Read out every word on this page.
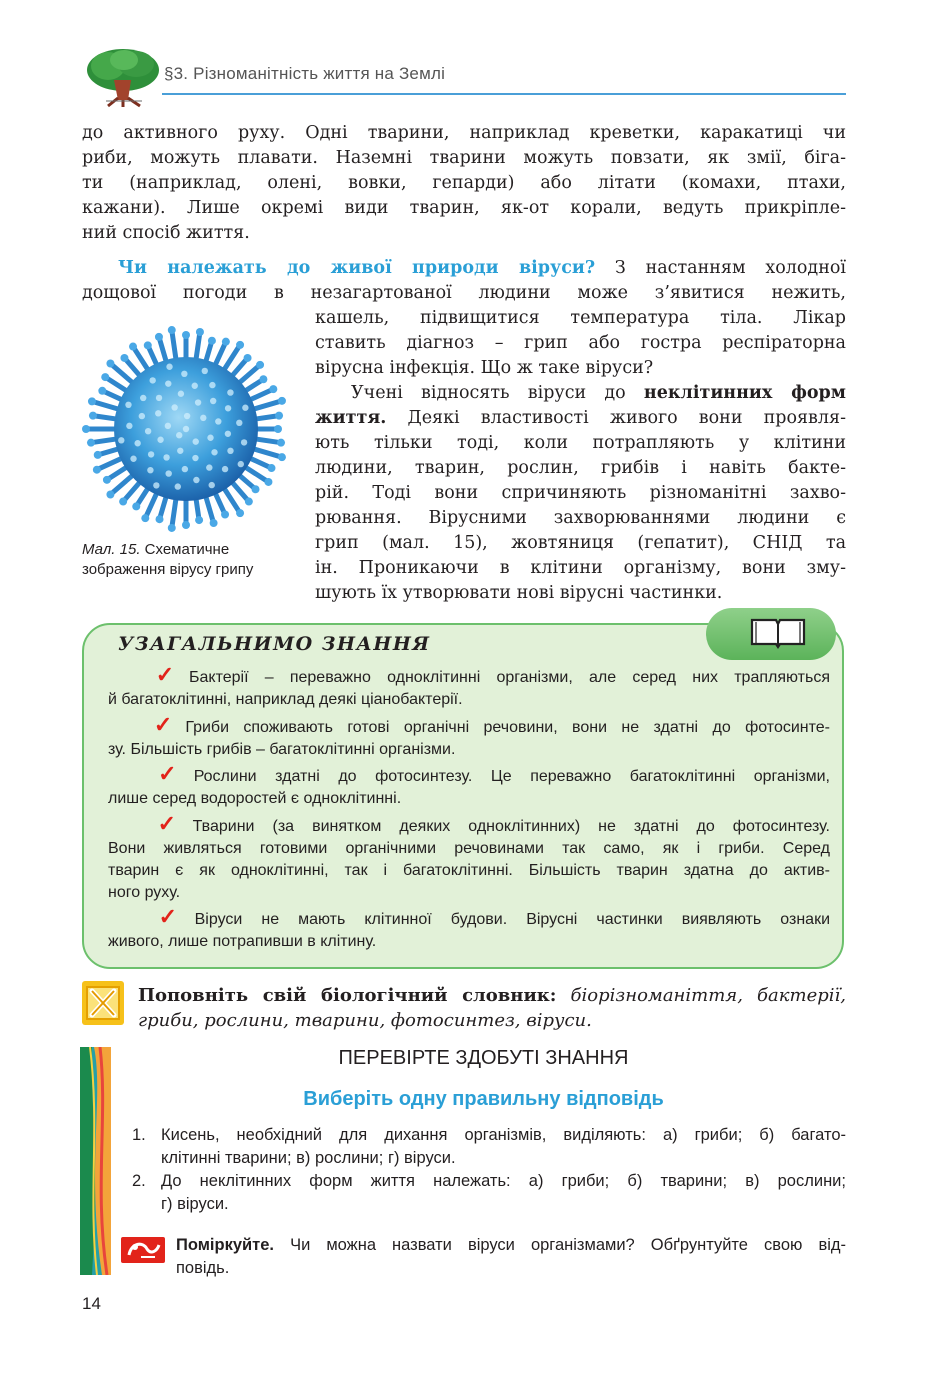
§3. Різноманітність життя на Землі
до активного руху. Одні тварини, наприклад креветки, каракатиці чи
риби, можуть плавати. Наземні тварини можуть повзати, як змії, біга-
ти (наприклад, олені, вовки, гепарди) або літати (комахи, птахи,
кажани). Лише окремі види тварин, як-от корали, ведуть прикріпле-
ний спосіб життя.
Чи належать до живої природи віруси? З настанням холодної
дощової погоди в незагартованої людини може з’явитися нежить,
кашель, підвищитися температура тіла. Лікар
ставить діагноз – грип або гостра респіраторна
вірусна інфекція. Що ж таке віруси?
Учені відносять віруси до неклітинних форм
життя. Деякі властивості живого вони проявля-
ють тільки тоді, коли потрапляють у клітини
людини, тварин, рослин, грибів і навіть бакте-
рій. Тоді вони спричиняють різноманітні захво-
рювання. Вірусними захворюваннями людини є
грип (мал. 15), жовтяниця (гепатит), СНІД та
ін. Проникаючи в клітини організму, вони зму-
шують їх утворювати нові вірусні частинки.
Мал. 15. Схематичне
зображення вірусу грипу
УЗАГАЛЬНИМО ЗНАННЯ
✓ Бактерії – переважно одноклітинні організми, але серед них трапляються
й багатоклітинні, наприклад деякі ціанобактерії.
✓ Гриби споживають готові органічні речовини, вони не здатні до фотосинте-
зу. Більшість грибів – багатоклітинні організми.
✓ Рослини здатні до фотосинтезу. Це переважно багатоклітинні організми,
лише серед водоростей є одноклітинні.
✓ Тварини (за винятком деяких одноклітинних) не здатні до фотосинтезу.
Вони живляться готовими органічними речовинами так само, як і гриби. Серед
тварин є як одноклітинні, так і багатоклітинні. Більшість тварин здатна до актив-
ного руху.
✓ Віруси не мають клітинної будови. Вірусні частинки виявляють ознаки
живого, лише потрапивши в клітину.
Поповніть свій біологічний словник: біорізноманіття, бактерії,
гриби, рослини, тварини, фотосинтез, віруси.
ПЕРЕВІРТЕ ЗДОБУТІ ЗНАННЯ
Виберіть одну правильну відповідь
1. Кисень, необхідний для дихання організмів, виділяють: а) гриби; б) багато-
клітинні тварини; в) рослини; г) віруси.
2. До неклітинних форм життя належать: а) гриби; б) тварини; в) рослини;
г) віруси.
Поміркуйте. Чи можна назвати віруси організмами? Обґрунтуйте свою від-
повідь.
14
